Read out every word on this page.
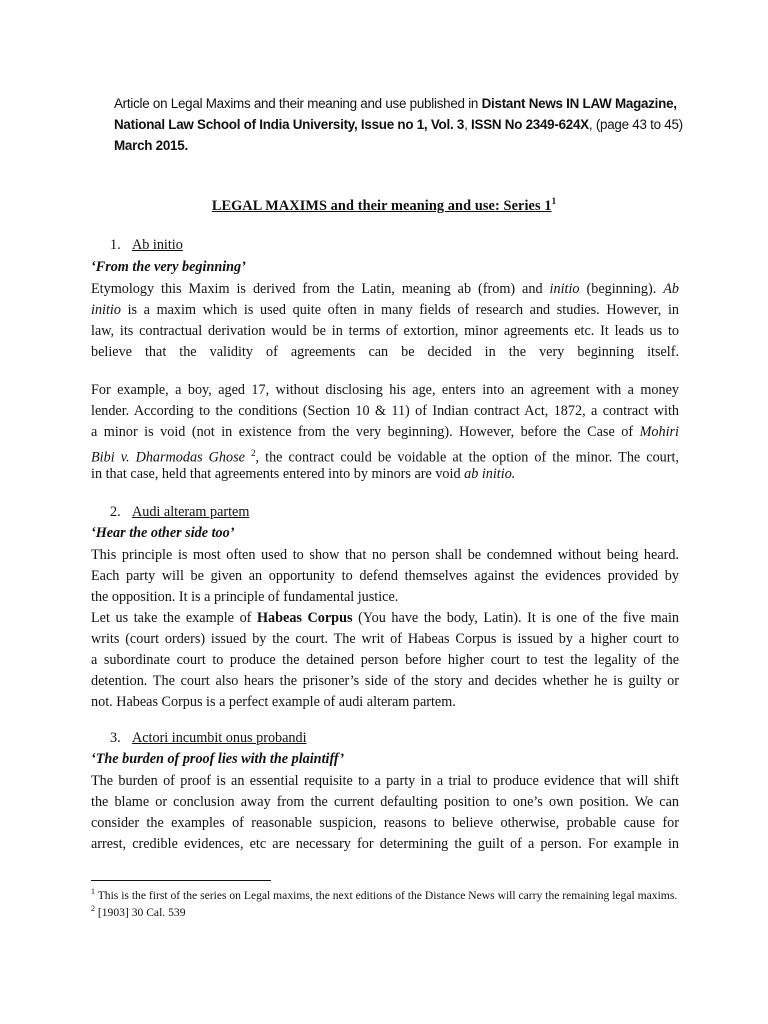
Article on Legal Maxims and their meaning and use published in Distant News IN LAW Magazine, National Law School of India University, Issue no 1, Vol. 3, ISSN No 2349-624X, (page 43 to 45)
March 2015.
LEGAL MAXIMS and their meaning and use: Series $1^1$
1. Ab initio
‘From the very beginning’
Etymology this Maxim is derived from the Latin, meaning ab (from) and initio (beginning). Ab
initio is a maxim which is used quite often in many fields of research and studies. However, in
law, its contractual derivation would be in terms of extortion, minor agreements etc. It leads us to
believe that the validity of agreements can be decided in the very beginning itself.
For example, a boy, aged 17, without disclosing his age, enters into an agreement with a money
lender. According to the conditions (Section 10 & 11) of Indian contract Act, 1872, a contract with
a minor is void (not in existence from the very beginning). However, before the Case of Mohiri
Bibi v. Dharmodas Ghose $^2$, the contract could be voidable at the option of the minor. The court,
in that case, held that agreements entered into by minors are void ab initio.
2. Audi alteram partem
‘Hear the other side too’
This principle is most often used to show that no person shall be condemned without being heard.
Each party will be given an opportunity to defend themselves against the evidences provided by
the opposition. It is a principle of fundamental justice.
Let us take the example of Habeas Corpus (You have the body, Latin). It is one of the five main
writs (court orders) issued by the court. The writ of Habeas Corpus is issued by a higher court to
a subordinate court to produce the detained person before higher court to test the legality of the
detention. The court also hears the prisoner’s side of the story and decides whether he is guilty or
not. Habeas Corpus is a perfect example of audi alteram partem.
3. Actori incumbit onus probandi
‘The burden of proof lies with the plaintiff’
The burden of proof is an essential requisite to a party in a trial to produce evidence that will shift
the blame or conclusion away from the current defaulting position to one’s own position. We can
consider the examples of reasonable suspicion, reasons to believe otherwise, probable cause for
arrest, credible evidences, etc are necessary for determining the guilt of a person. For example in
$^1$ This is the first of the series on Legal maxims, the next editions of the Distance News will carry the remaining legal maxims.
$^2$ [1903] 30 Cal. 539
